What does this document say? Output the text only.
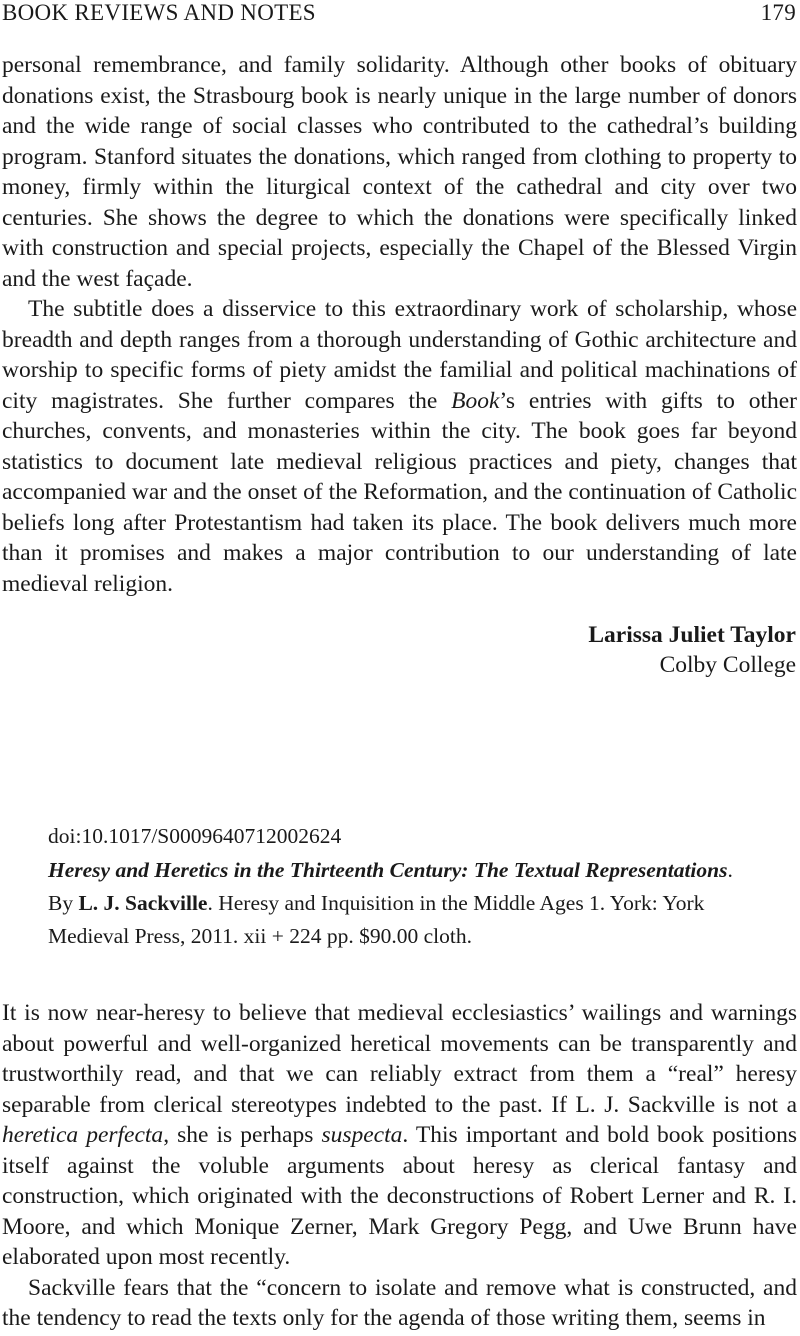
BOOK REVIEWS AND NOTES	179

personal remembrance, and family solidarity. Although other books of obituary donations exist, the Strasbourg book is nearly unique in the large number of donors and the wide range of social classes who contributed to the cathedral’s building program. Stanford situates the donations, which ranged from clothing to property to money, firmly within the liturgical context of the cathedral and city over two centuries. She shows the degree to which the donations were specifically linked with construction and special projects, especially the Chapel of the Blessed Virgin and the west façade.

The subtitle does a disservice to this extraordinary work of scholarship, whose breadth and depth ranges from a thorough understanding of Gothic architecture and worship to specific forms of piety amidst the familial and political machinations of city magistrates. She further compares the Book’s entries with gifts to other churches, convents, and monasteries within the city. The book goes far beyond statistics to document late medieval religious practices and piety, changes that accompanied war and the onset of the Reformation, and the continuation of Catholic beliefs long after Protestantism had taken its place. The book delivers much more than it promises and makes a major contribution to our understanding of late medieval religion.

Larissa Juliet Taylor
Colby College
doi:10.1017/S0009640712002624
Heresy and Heretics in the Thirteenth Century: The Textual Representations. By L. J. Sackville. Heresy and Inquisition in the Middle Ages 1. York: York Medieval Press, 2011. xii + 224 pp. $90.00 cloth.

It is now near-heresy to believe that medieval ecclesiastics’ wailings and warnings about powerful and well-organized heretical movements can be transparently and trustworthily read, and that we can reliably extract from them a “real” heresy separable from clerical stereotypes indebted to the past. If L. J. Sackville is not a heretica perfecta, she is perhaps suspecta. This important and bold book positions itself against the voluble arguments about heresy as clerical fantasy and construction, which originated with the deconstructions of Robert Lerner and R. I. Moore, and which Monique Zerner, Mark Gregory Pegg, and Uwe Brunn have elaborated upon most recently.

Sackville fears that the “concern to isolate and remove what is constructed, and the tendency to read the texts only for the agenda of those writing them, seems in
